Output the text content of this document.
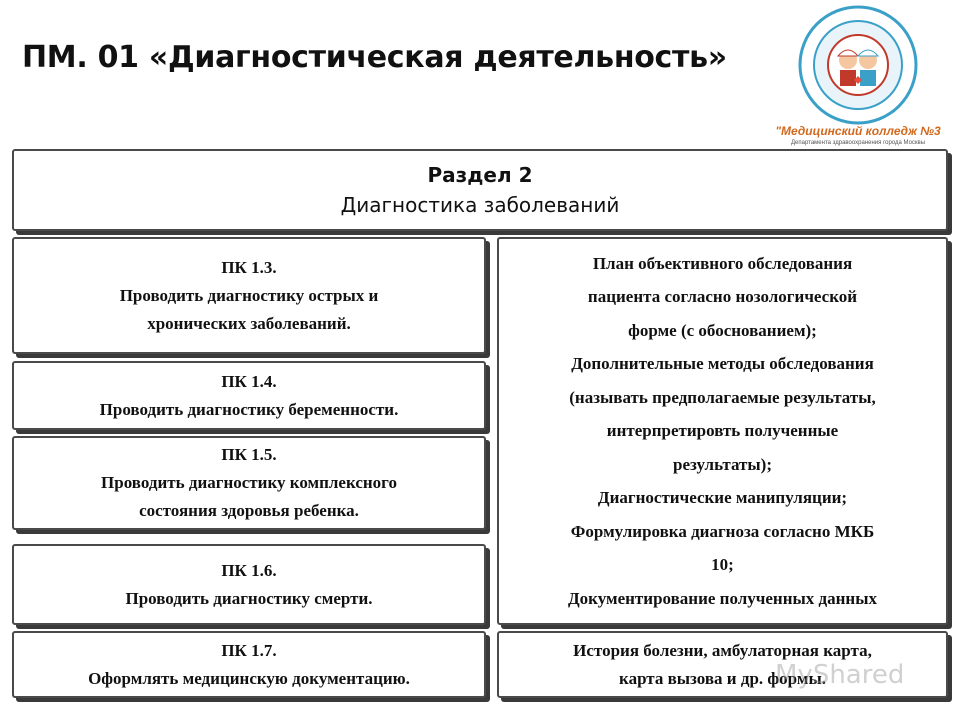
ПМ. 01 «Диагностическая деятельность»
"Медицинский колледж №3
Департамента здравоохранения города Москвы
Раздел 2
Диагностика заболеваний
ПК 1.3.
Проводить диагностику острых и
хронических заболеваний.
ПК 1.4.
Проводить диагностику беременности.
ПК 1.5.
Проводить диагностику комплексного
состояния здоровья ребенка.
ПК 1.6.
Проводить диагностику смерти.
ПК 1.7.
Оформлять медицинскую документацию.
План объективного обследования
пациента согласно нозологической
форме (с обоснованием);
Дополнительные методы обследования
(называть предполагаемые результаты,
интерпретировть полученные
результаты);
Диагностические манипуляции;
Формулировка диагноза согласно МКБ
10;
Документирование полученных данных
История болезни, амбулаторная карта,
карта вызова и др. формы.
MyShared
